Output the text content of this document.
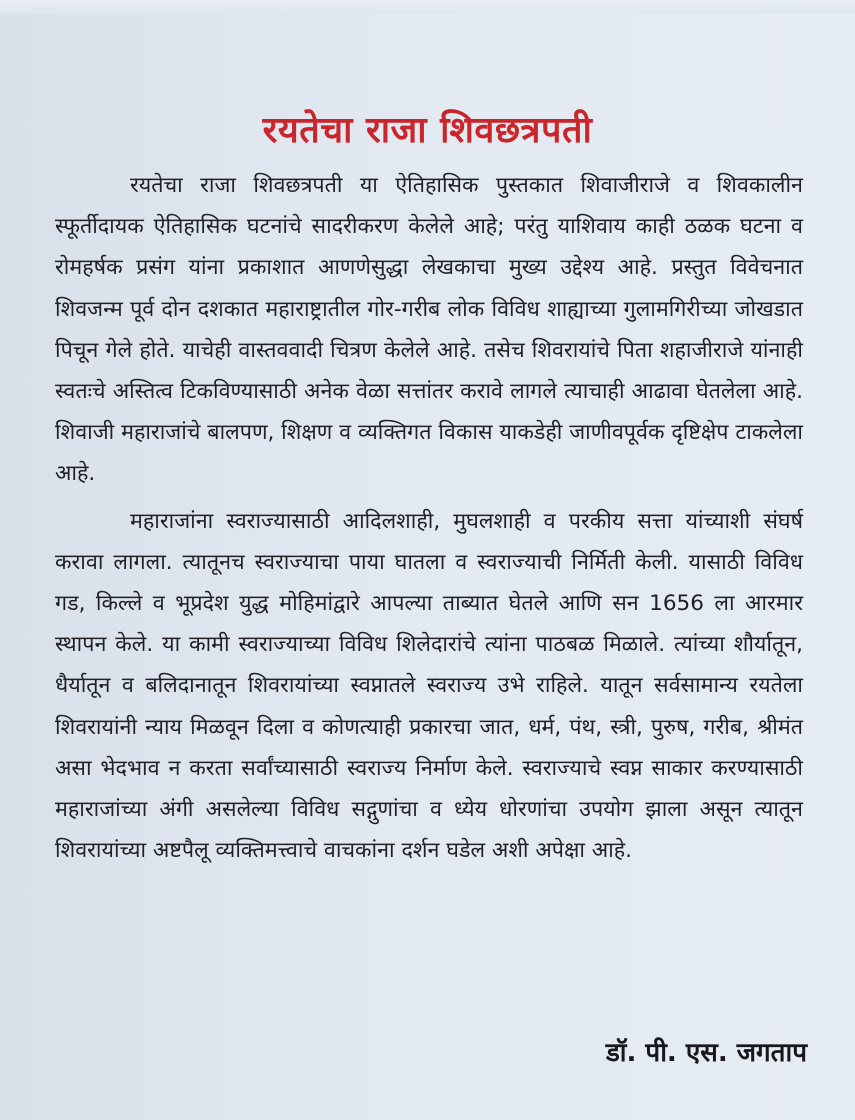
रयतेचा राजा शिवछत्रपती

रयतेचा राजा शिवछत्रपती या ऐतिहासिक पुस्तकात शिवाजीराजे व शिवकालीन स्फूर्तीदायक ऐतिहासिक घटनांचे सादरीकरण केलेले आहे; परंतु याशिवाय काही ठळक घटना व रोमहर्षक प्रसंग यांना प्रकाशात आणणेसुद्धा लेखकाचा मुख्य उद्देश्य आहे. प्रस्तुत विवेचनात शिवजन्म पूर्व दोन दशकात महाराष्ट्रातील गोर-गरीब लोक विविध शाह्याच्या गुलामगिरीच्या जोखडात पिचून गेले होते. याचेही वास्तववादी चित्रण केलेले आहे. तसेच शिवरायांचे पिता शहाजीराजे यांनाही स्वतःचे अस्तित्व टिकविण्यासाठी अनेक वेळा सत्तांतर करावे लागले त्याचाही आढावा घेतलेला आहे. शिवाजी महाराजांचे बालपण, शिक्षण व व्यक्तिगत विकास याकडेही जाणीवपूर्वक दृष्टिक्षेप टाकलेला आहे.

महाराजांना स्वराज्यासाठी आदिलशाही, मुघलशाही व परकीय सत्ता यांच्याशी संघर्ष करावा लागला. त्यातूनच स्वराज्याचा पाया घातला व स्वराज्याची निर्मिती केली. यासाठी विविध गड, किल्ले व भूप्रदेश युद्ध मोहिमांद्वारे आपल्या ताब्यात घेतले आणि सन 1656 ला आरमार स्थापन केले. या कामी स्वराज्याच्या विविध शिलेदारांचे त्यांना पाठबळ मिळाले. त्यांच्या शौर्यातून, धैर्यातून व बलिदानातून शिवरायांच्या स्वप्नातले स्वराज्य उभे राहिले. यातून सर्वसामान्य रयतेला शिवरायांनी न्याय मिळवून दिला व कोणत्याही प्रकारचा जात, धर्म, पंथ, स्त्री, पुरुष, गरीब, श्रीमंत असा भेदभाव न करता सर्वांच्यासाठी स्वराज्य निर्माण केले. स्वराज्याचे स्वप्न साकार करण्यासाठी महाराजांच्या अंगी असलेल्या विविध सद्गुणांचा व ध्येय धोरणांचा उपयोग झाला असून त्यातून शिवरायांच्या अष्टपैलू व्यक्तिमत्त्वाचे वाचकांना दर्शन घडेल अशी अपेक्षा आहे.

डॉ. पी. एस. जगताप
